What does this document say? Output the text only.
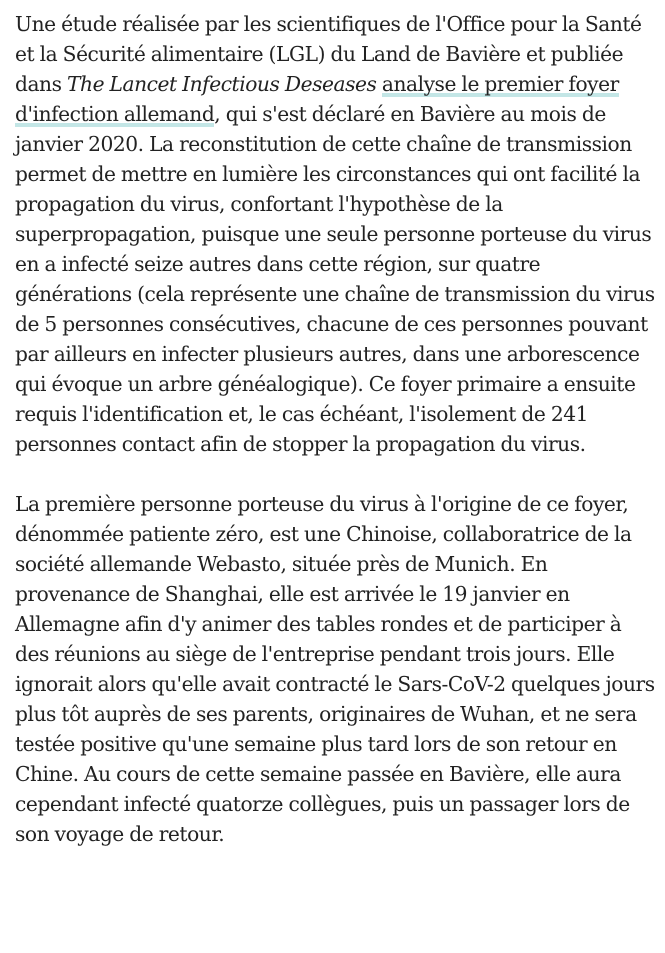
Une étude réalisée par les scientifiques de l'Office pour la Santé et la Sécurité alimentaire (LGL) du Land de Bavière et publiée dans The Lancet Infectious Deseases analyse le premier foyer d'infection allemand, qui s'est déclaré en Bavière au mois de janvier 2020. La reconstitution de cette chaîne de transmission permet de mettre en lumière les circonstances qui ont facilité la propagation du virus, confortant l'hypothèse de la superpropagation, puisque une seule personne porteuse du virus en a infecté seize autres dans cette région, sur quatre générations (cela représente une chaîne de transmission du virus de 5 personnes consécutives, chacune de ces personnes pouvant par ailleurs en infecter plusieurs autres, dans une arborescence qui évoque un arbre généalogique). Ce foyer primaire a ensuite requis l'identification et, le cas échéant, l'isolement de 241 personnes contact afin de stopper la propagation du virus.

La première personne porteuse du virus à l'origine de ce foyer, dénommée patiente zéro, est une Chinoise, collaboratrice de la société allemande Webasto, située près de Munich. En provenance de Shanghai, elle est arrivée le 19 janvier en Allemagne afin d'y animer des tables rondes et de participer à des réunions au siège de l'entreprise pendant trois jours. Elle ignorait alors qu'elle avait contracté le Sars-CoV-2 quelques jours plus tôt auprès de ses parents, originaires de Wuhan, et ne sera testée positive qu'une semaine plus tard lors de son retour en Chine. Au cours de cette semaine passée en Bavière, elle aura cependant infecté quatorze collègues, puis un passager lors de son voyage de retour.
